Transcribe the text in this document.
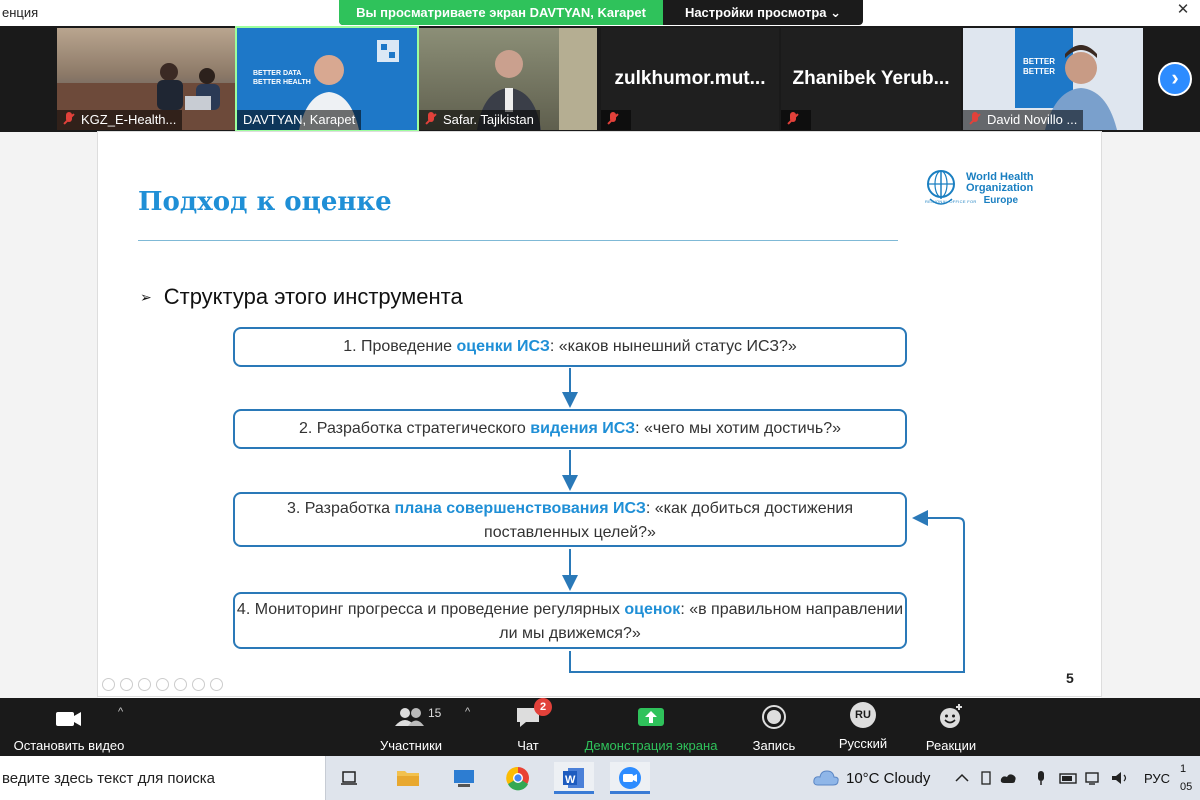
енция	Вы просматриваете экран DAVTYAN, Karapet	Настройки просмотра ⌄	✕
KGZ_E-Health...
BETTER DATA
BETTER HEALTH
DAVTYAN, Karapet	Safar. Tajikistan
zulkhumor.mut...	Zhanibek Yerub...
BETTER
BETTER
David Novillo ...
›
Подход к оценке
World Health
Organization
REGIONAL OFFICE FOR Europe
➢ Структура этого инструмента
1. Проведение оценки ИСЗ: «каков нынешний статус ИСЗ?»
2. Разработка стратегического видения ИСЗ: «чего мы хотим достичь?»
3. Разработка плана совершенствования ИСЗ: «как добиться достижения поставленных целей?»
4. Мониторинг прогресса и проведение регулярных оценок: «в правильном направлении ли мы движемся?»
5
Остановить видео
^	15
Участники
^	2
Чат	Демонстрация экрана	Запись
RU
Русский	Реакции
ведите здесь текст для поиска	W	10°C Cloudy	РУС
1
05
